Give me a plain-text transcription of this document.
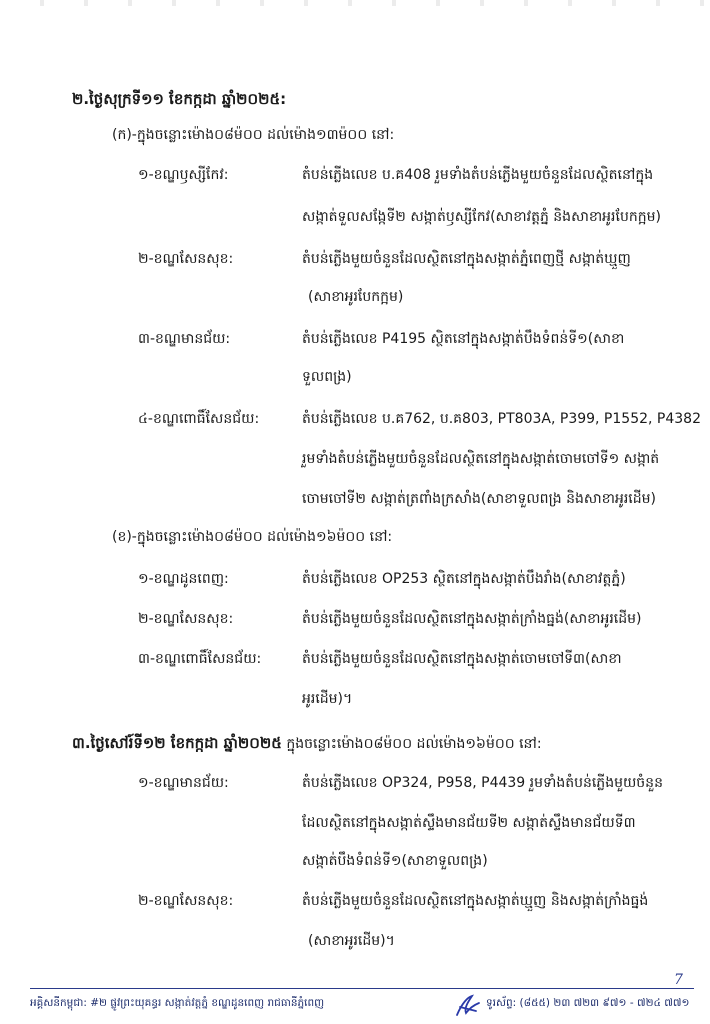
២.ថ្ងៃសុក្រទី១១ ខែកក្កដា ឆ្នាំ២០២៥:
(ក)-ក្នុងចន្លោះម៉ោង០៨ម៉០០ ដល់ម៉ោង១៣ម៉០០ នៅ:
១-ខណ្ឌឫស្សីកែវ:	តំបន់ភ្លើងលេខ ប.គ408 រួមទាំងតំបន់ភ្លើងមួយចំនួនដែលស្ថិតនៅក្នុង
សង្កាត់ទួលសង្កែទី២ សង្កាត់ឫស្សីកែវ(សាខាវត្តភ្នំ និងសាខាអូរបែកក្អម)
២-ខណ្ឌសែនសុខ:	តំបន់ភ្លើងមួយចំនួនដែលស្ថិតនៅក្នុងសង្កាត់ភ្នំពេញថ្មី សង្កាត់ឃ្មួញ
(សាខាអូរបែកក្អម)
៣-ខណ្ឌមានជ័យ:	តំបន់ភ្លើងលេខ P4195 ស្ថិតនៅក្នុងសង្កាត់បឹងទំពន់ទី១(សាខា
ទួលពង្រ)
៤-ខណ្ឌពោធិ៍សែនជ័យ:	តំបន់ភ្លើងលេខ ប.គ762, ប.គ803, PT803A, P399, P1552, P4382
រួមទាំងតំបន់ភ្លើងមួយចំនួនដែលស្ថិតនៅក្នុងសង្កាត់ចោមចៅទី១ សង្កាត់
ចោមចៅទី២ សង្កាត់ត្រពាំងក្រសាំង(សាខាទួលពង្រ និងសាខាអូរដើម)
(ខ)-ក្នុងចន្លោះម៉ោង០៨ម៉០០ ដល់ម៉ោង១៦ម៉០០ នៅ:
១-ខណ្ឌដូនពេញ:	តំបន់ភ្លើងលេខ OP253 ស្ថិតនៅក្នុងសង្កាត់បឹងរាំង(សាខាវត្តភ្នំ)
២-ខណ្ឌសែនសុខ:	តំបន់ភ្លើងមួយចំនួនដែលស្ថិតនៅក្នុងសង្កាត់ក្រាំងធ្នង់(សាខាអូរដើម)
៣-ខណ្ឌពោធិ៍សែនជ័យ:	តំបន់ភ្លើងមួយចំនួនដែលស្ថិតនៅក្នុងសង្កាត់ចោមចៅទី៣(សាខា
អូរដើម)។
៣.ថ្ងៃសៅរ៍ទី១២ ខែកក្កដា ឆ្នាំ២០២៥ ក្នុងចន្លោះម៉ោង០៨ម៉០០ ដល់ម៉ោង១៦ម៉០០ នៅ:
១-ខណ្ឌមានជ័យ:	តំបន់ភ្លើងលេខ OP324, P958, P4439 រួមទាំងតំបន់ភ្លើងមួយចំនួន
ដែលស្ថិតនៅក្នុងសង្កាត់ស្ទឹងមានជ័យទី២ សង្កាត់ស្ទឹងមានជ័យទី៣
សង្កាត់បឹងទំពន់ទី១(សាខាទួលពង្រ)
២-ខណ្ឌសែនសុខ:	តំបន់ភ្លើងមួយចំនួនដែលស្ថិតនៅក្នុងសង្កាត់ឃ្មួញ និងសង្កាត់ក្រាំងធ្នង់
(សាខាអូរដើម)។
7
អគ្គិសនីកម្ពុជា: #២ ផ្លូវព្រះយុគន្ធរ សង្កាត់វត្តភ្នំ ខណ្ឌដូនពេញ រាជធានីភ្នំពេញ	ទូរស័ព្ទ: (៨៥៥) ២៣ ៧២៣ ៩៧១ - ៧២៤ ៧៧១
